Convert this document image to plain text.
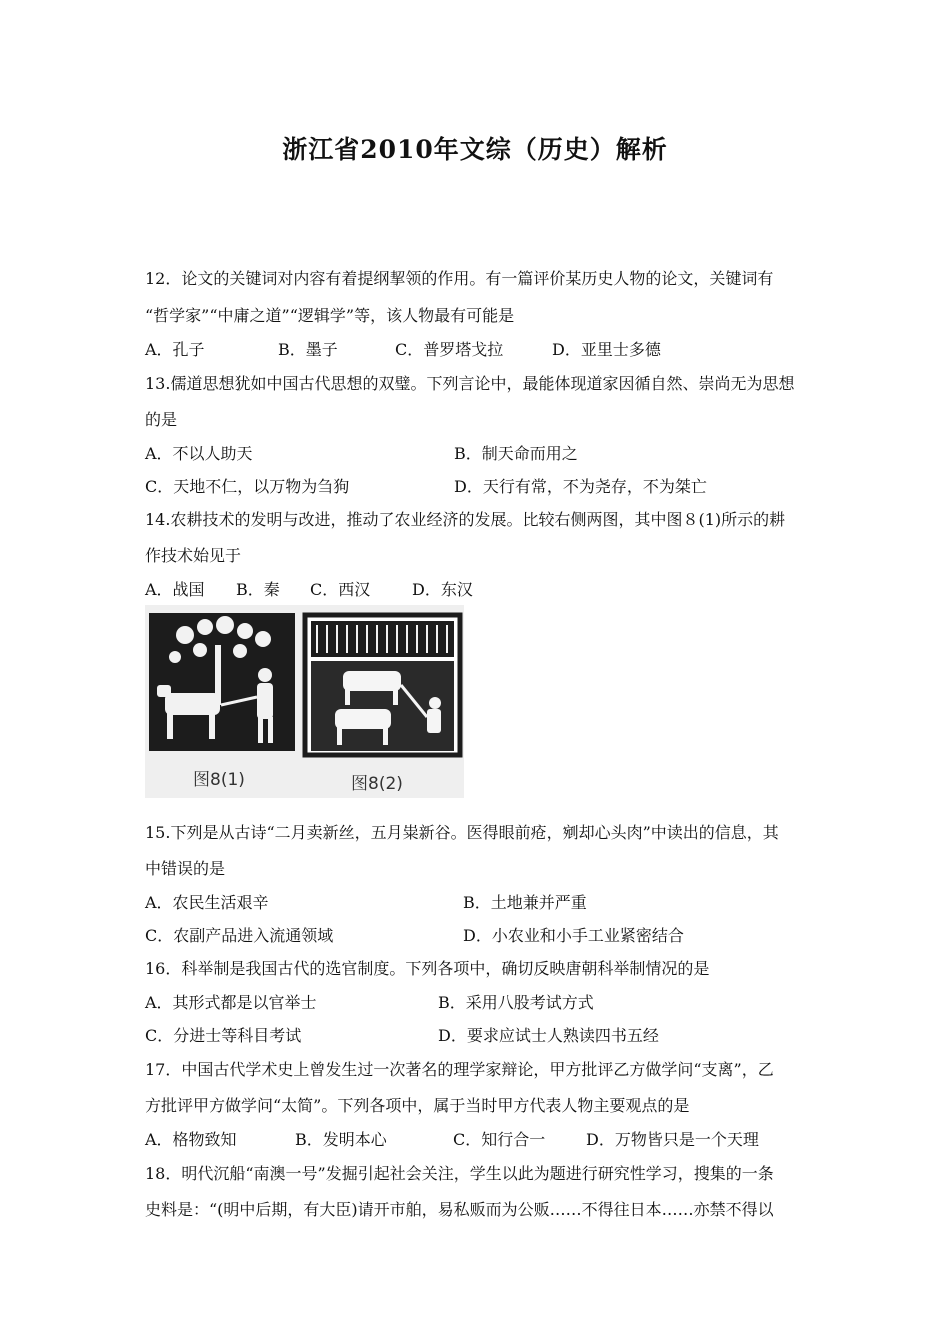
浙江省2010年文综（历史）解析
12．论文的关键词对内容有着提纲挈领的作用。有一篇评价某历史人物的论文，关键词有
“哲学家”“中庸之道”“逻辑学”等，该人物最有可能是
A．孔子	B．墨子	C．普罗塔戈拉	D．亚里士多德
13.儒道思想犹如中国古代思想的双璧。下列言论中，最能体现道家因循自然、崇尚无为思想
的是
A．不以人助天	B．制天命而用之
C．天地不仁，以万物为刍狗	D．天行有常，不为尧存，不为桀亡
14.农耕技术的发明与改进，推动了农业经济的发展。比较右侧两图，其中图８(1)所示的耕
作技术始见于
A．战国 B．秦 C．西汉	D．东汉
图8(1)	图8(2)
15.下列是从古诗“二月卖新丝，五月粜新谷。医得眼前疮，剜却心头肉”中读出的信息，其
中错误的是
A．农民生活艰辛	B．土地兼并严重
C．农副产品进入流通领域	D．小农业和小手工业紧密结合
16．科举制是我国古代的选官制度。下列各项中，确切反映唐朝科举制情况的是
A．其形式都是以官举士	B．采用八股考试方式
C．分进士等科目考试	D．要求应试士人熟读四书五经
17．中国古代学术史上曾发生过一次著名的理学家辩论，甲方批评乙方做学问“支离”，乙
方批评甲方做学问“太简”。下列各项中，属于当时甲方代表人物主要观点的是
A．格物致知	B．发明本心	C．知行合一	D．万物皆只是一个天理
18．明代沉船“南澳一号”发掘引起社会关注，学生以此为题进行研究性学习，搜集的一条
史料是：“(明中后期，有大臣)请开市舶，易私贩而为公贩……不得往日本……亦禁不得以
